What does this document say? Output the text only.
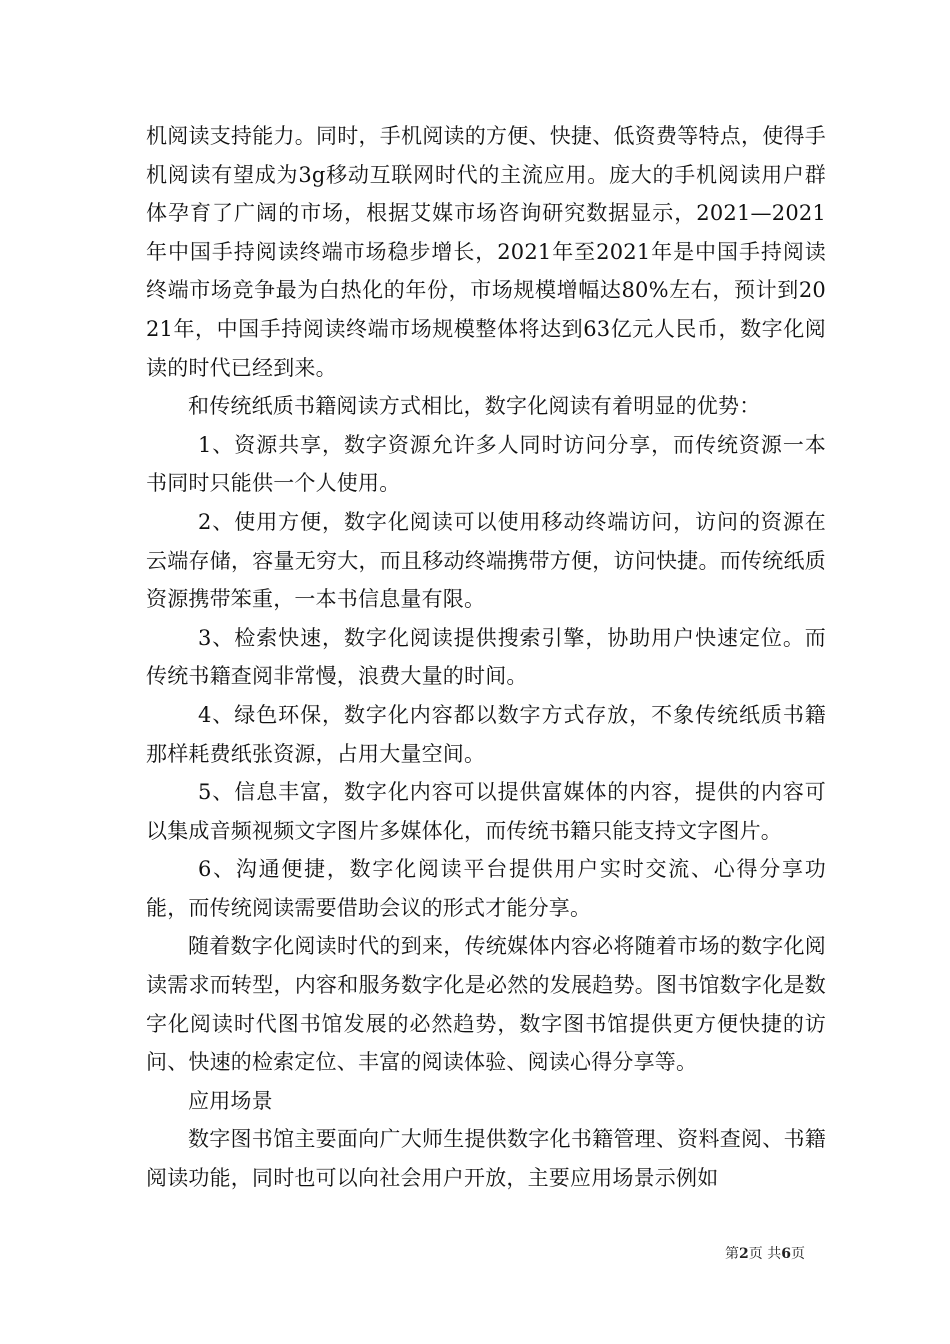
机阅读支持能力。同时，手机阅读的方便、快捷、低资费等特点，使得手机阅读有望成为3g移动互联网时代的主流应用。庞大的手机阅读用户群体孕育了广阔的市场，根据艾媒市场咨询研究数据显示，2021—2021年中国手持阅读终端市场稳步增长，2021年至2021年是中国手持阅读终端市场竞争最为白热化的年份，市场规模增幅达80%左右，预计到2021年，中国手持阅读终端市场规模整体将达到63亿元人民币，数字化阅读的时代已经到来。

和传统纸质书籍阅读方式相比，数字化阅读有着明显的优势：

1、资源共享，数字资源允许多人同时访问分享，而传统资源一本书同时只能供一个人使用。

2、使用方便，数字化阅读可以使用移动终端访问，访问的资源在云端存储，容量无穷大，而且移动终端携带方便，访问快捷。而传统纸质资源携带笨重，一本书信息量有限。

3、检索快速，数字化阅读提供搜索引擎，协助用户快速定位。而传统书籍查阅非常慢，浪费大量的时间。

4、绿色环保，数字化内容都以数字方式存放，不象传统纸质书籍那样耗费纸张资源，占用大量空间。

5、信息丰富，数字化内容可以提供富媒体的内容，提供的内容可以集成音频视频文字图片多媒体化，而传统书籍只能支持文字图片。

6、沟通便捷，数字化阅读平台提供用户实时交流、心得分享功能，而传统阅读需要借助会议的形式才能分享。

随着数字化阅读时代的到来，传统媒体内容必将随着市场的数字化阅读需求而转型，内容和服务数字化是必然的发展趋势。图书馆数字化是数字化阅读时代图书馆发展的必然趋势，数字图书馆提供更方便快捷的访问、快速的检索定位、丰富的阅读体验、阅读心得分享等。

应用场景

数字图书馆主要面向广大师生提供数字化书籍管理、资料查阅、书籍阅读功能，同时也可以向社会用户开放，主要应用场景示例如

第2页 共6页
